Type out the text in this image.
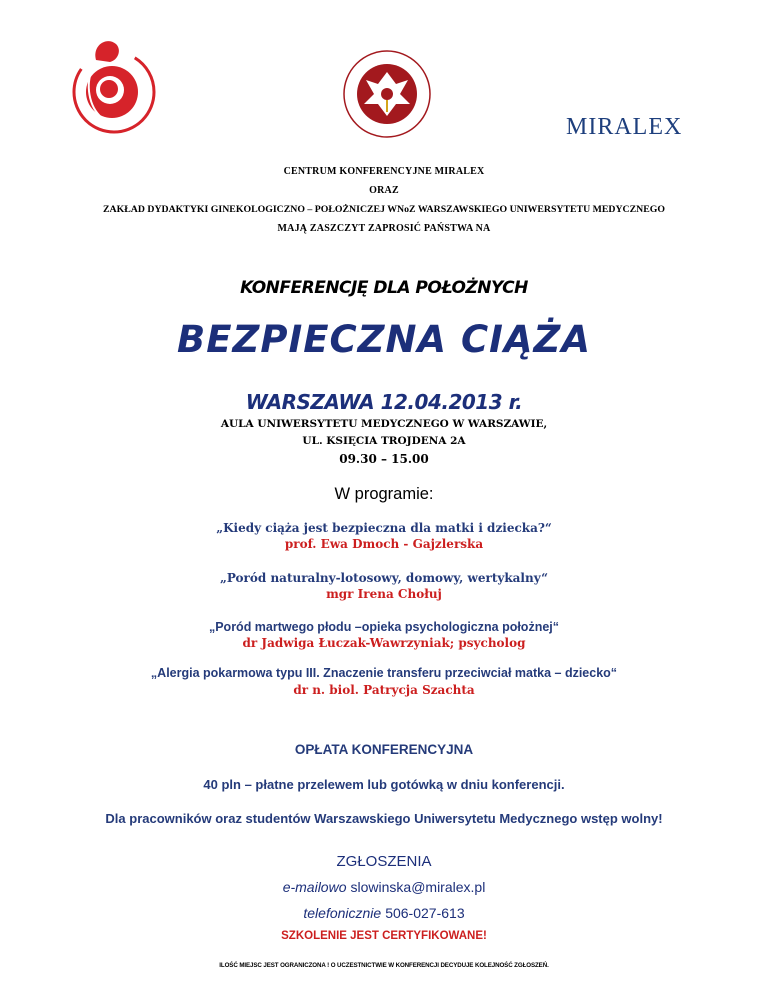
MIRALEX
CENTRUM KONFERENCYJNE MIRALEX
ORAZ
ZAKŁAD DYDAKTYKI GINEKOLOGICZNO – POŁOŻNICZEJ WNoZ WARSZAWSKIEGO UNIWERSYTETU MEDYCZNEGO
MAJĄ ZASZCZYT ZAPROSIĆ PAŃSTWA NA
KONFERENCJĘ DLA POŁOŻNYCH
BEZPIECZNA CIĄŻA
WARSZAWA 12.04.2013 r.
AULA UNIWERSYTETU MEDYCZNEGO W WARSZAWIE,
UL. KSIĘCIA TROJDENA 2A
09.30 – 15.00
W programie:
„Kiedy ciąża jest bezpieczna dla matki i dziecka?“
prof. Ewa Dmoch - Gajzlerska
„Poród naturalny-lotosowy, domowy, wertykalny“
mgr Irena Chołuj
„Poród martwego płodu –opieka psychologiczna położnej“
dr Jadwiga Łuczak-Wawrzyniak; psycholog
„Alergia pokarmowa typu III. Znaczenie transferu przeciwciał matka – dziecko“
dr n. biol. Patrycja Szachta
OPŁATA KONFERENCYJNA
40 pln – płatne przelewem lub gotówką w dniu konferencji.
Dla pracowników oraz studentów Warszawskiego Uniwersytetu Medycznego wstęp wolny!
ZGŁOSZENIA
e-mailowo slowinska@miralex.pl
telefonicznie 506-027-613
SZKOLENIE JEST CERTYFIKOWANE!
ILOŚĆ MIEJSC JEST OGRANICZONA ! O UCZESTNICTWIE W KONFERENCJI DECYDUJE KOLEJNOŚĆ ZGŁOSZEŃ.
